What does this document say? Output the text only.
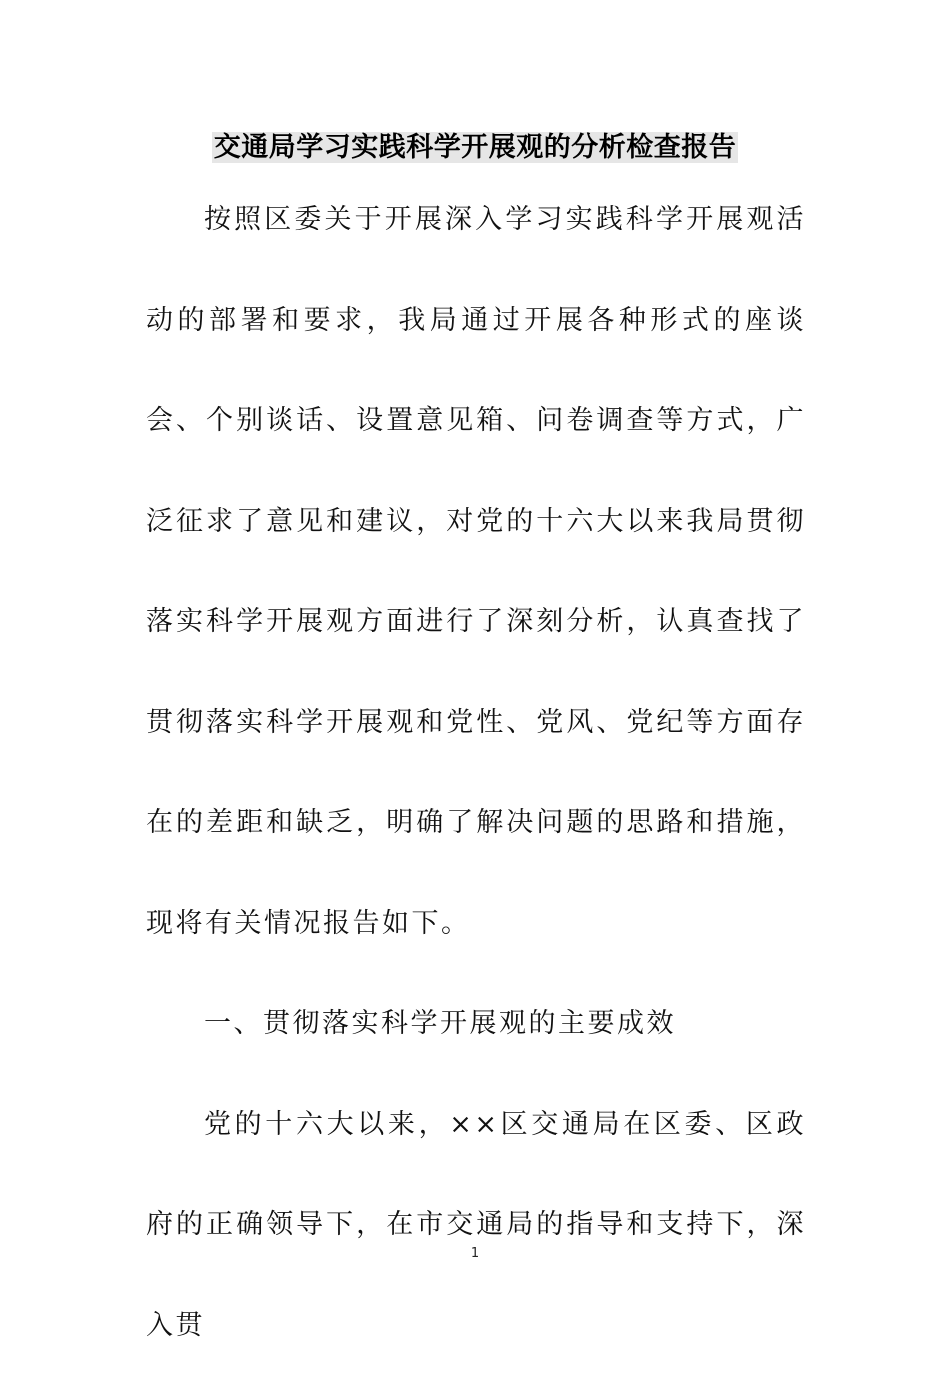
交通局学习实践科学开展观的分析检查报告

按照区委关于开展深入学习实践科学开展观活动的部署和要求，我局通过开展各种形式的座谈会、个别谈话、设置意见箱、问卷调查等方式，广泛征求了意见和建议，对党的十六大以来我局贯彻落实科学开展观方面进行了深刻分析，认真查找了贯彻落实科学开展观和党性、党风、党纪等方面存在的差距和缺乏，明确了解决问题的思路和措施，现将有关情况报告如下。

一、贯彻落实科学开展观的主要成效

党的十六大以来，××区交通局在区委、区政府的正确领导下，在市交通局的指导和支持下，深入贯

1
